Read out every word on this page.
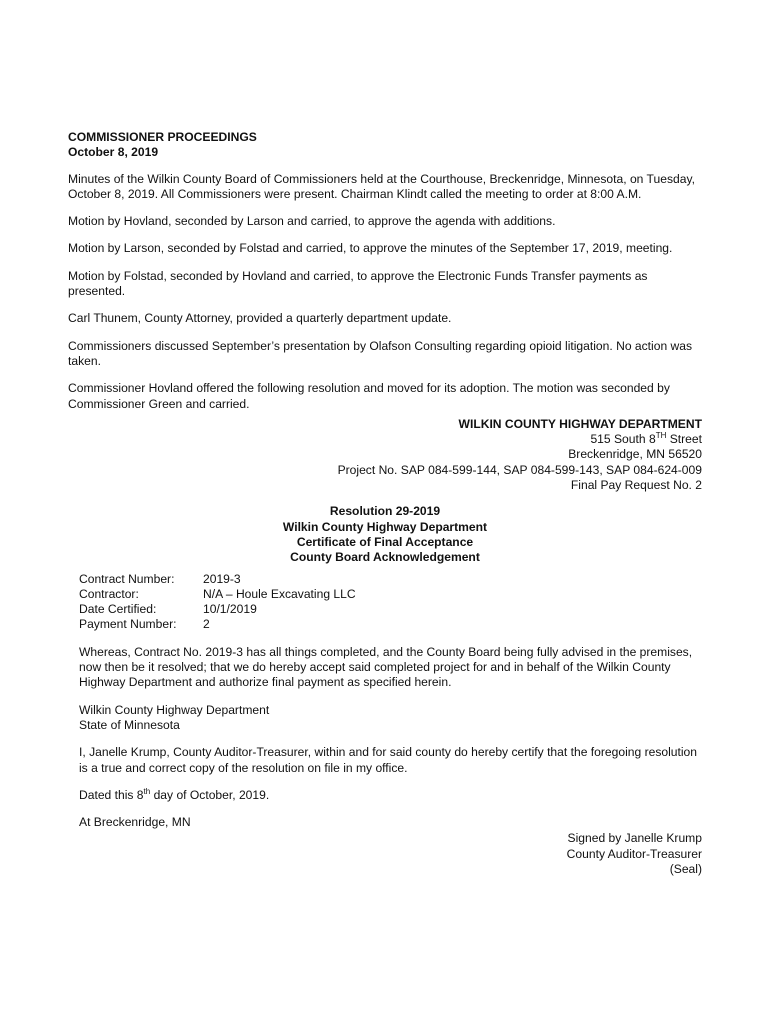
COMMISSIONER PROCEEDINGS
October 8, 2019

Minutes of the Wilkin County Board of Commissioners held at the Courthouse, Breckenridge, Minnesota, on Tuesday, October 8, 2019. All Commissioners were present. Chairman Klindt called the meeting to order at 8:00 A.M.

Motion by Hovland, seconded by Larson and carried, to approve the agenda with additions.

Motion by Larson, seconded by Folstad and carried, to approve the minutes of the September 17, 2019, meeting.

Motion by Folstad, seconded by Hovland and carried, to approve the Electronic Funds Transfer payments as presented.

Carl Thunem, County Attorney, provided a quarterly department update.

Commissioners discussed September’s presentation by Olafson Consulting regarding opioid litigation. No action was taken.

Commissioner Hovland offered the following resolution and moved for its adoption. The motion was seconded by Commissioner Green and carried.

WILKIN COUNTY HIGHWAY DEPARTMENT
515 South 8TH Street
Breckenridge, MN 56520
Project No. SAP 084-599-144, SAP 084-599-143, SAP 084-624-009
Final Pay Request No. 2
Resolution 29-2019
Wilkin County Highway Department
Certificate of Final Acceptance
County Board Acknowledgement
Contract Number:	2019-3
Contractor:	N/A – Houle Excavating LLC
Date Certified:	10/1/2019
Payment Number:	2

Whereas, Contract No. 2019-3 has all things completed, and the County Board being fully advised in the premises, now then be it resolved; that we do hereby accept said completed project for and in behalf of the Wilkin County Highway Department and authorize final payment as specified herein.

Wilkin County Highway Department
State of Minnesota

I, Janelle Krump, County Auditor-Treasurer, within and for said county do hereby certify that the foregoing resolution is a true and correct copy of the resolution on file in my office.

Dated this 8th day of October, 2019.

At Breckenridge, MN
Signed by Janelle Krump
County Auditor-Treasurer
(Seal)
